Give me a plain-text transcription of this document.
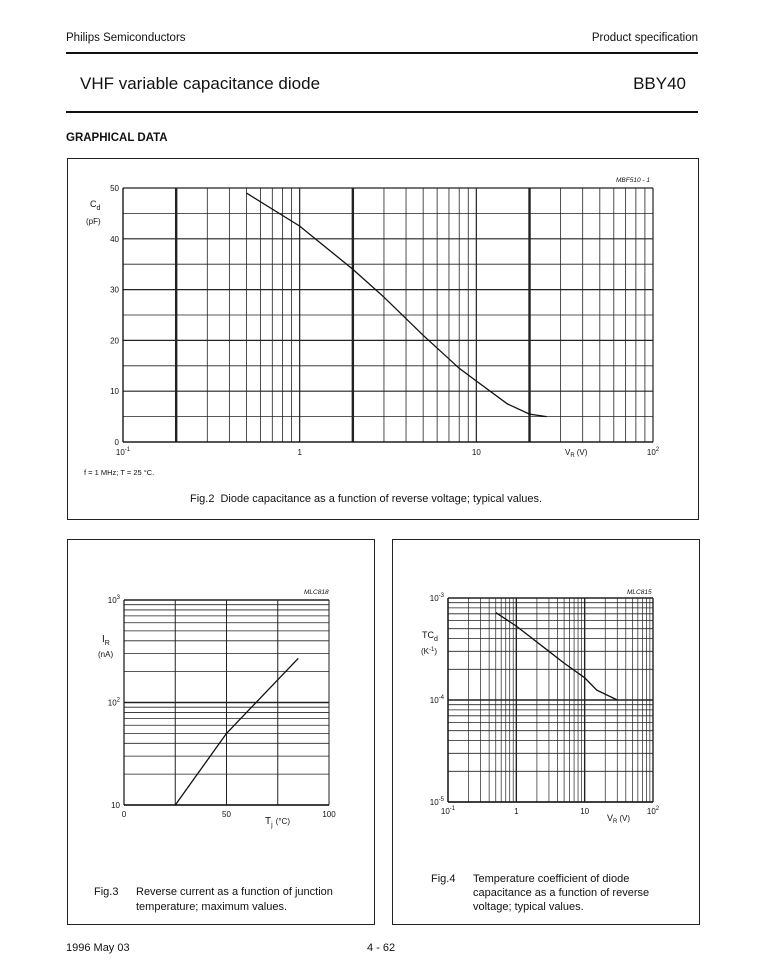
Philips Semiconductors	Product specification
VHF variable capacitance diode	BBY40
GRAPHICAL DATA
MBF510 - 1
$C_d$
(pF)
0
10
20
30
40
50
$10^{-1}$	1	10	$10^2$
$V_R$ (V)
f = 1 MHz; T = 25 °C.
Fig.2 Diode capacitance as a function of reverse voltage; typical values.
MLC818
$I_R$
(nA)
10
$10^2$
$10^3$
0	50	100
$T_j$ $^{(^\circ C)}$
Fig.3 Reverse current as a function of junction
temperature; maximum values.
MLC815
$TC_d$
$(K^{-1})$
$10^{-5}$
$10^{-4}$
$10^{-3}$
$10^{-1}$	1	10	$10^2$
$V_R$ (V)
Fig.4 Temperature coefficient of diode
capacitance as a function of reverse
voltage; typical values.
1996 May 03	4 - 62
